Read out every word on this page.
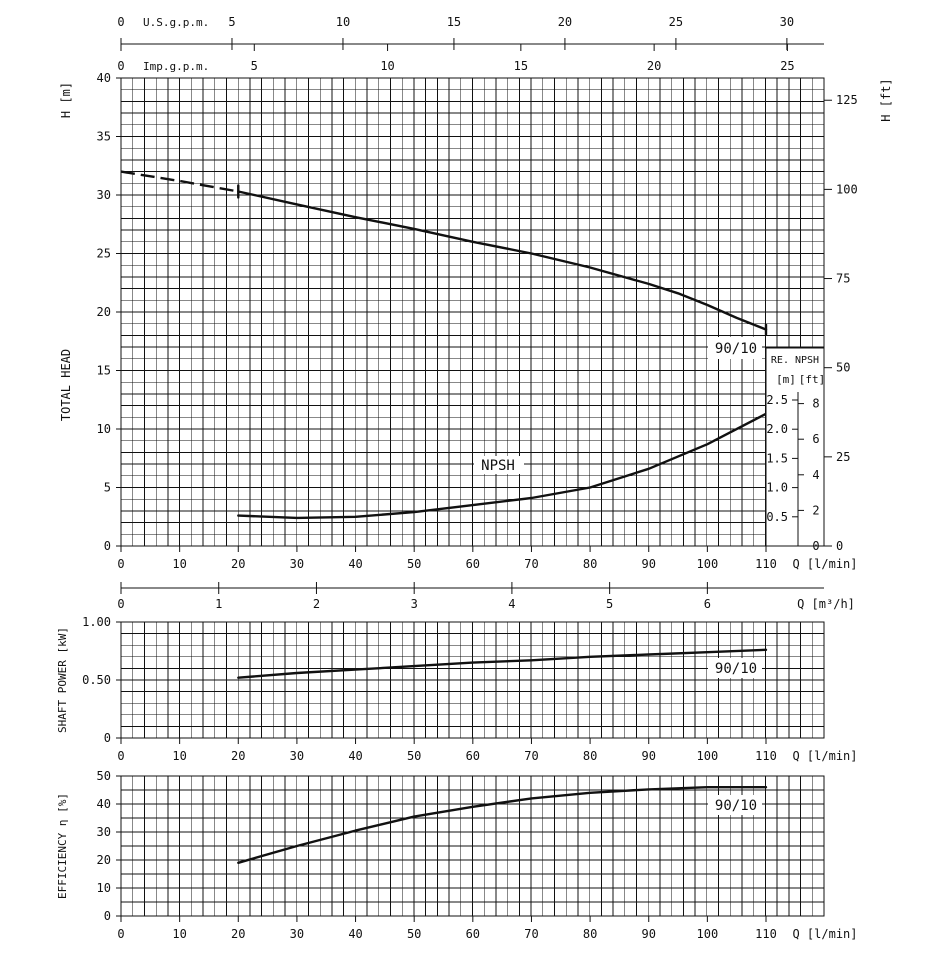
0
5
10
15
20
25
30
35
40
0
25
50
75
100
125
H [m]	H [ft]
TOTAL HEAD
0	5	10	15	20	25	30
U.S.g.p.m.
0	5	10	15	20	25
Imp.g.p.m.
90/10
NPSH
RE. NPSH
[m] [ft]
0.5
1.0
1.5
2.0
2.5
0
2
4
6
8
0	10	20	30	40	50	60	70	80	90	100	110 Q [l/min]
0	1	2	3	4	5	6	Q [m³/h]
0
0.50
1.00
SHAFT POWER [kW]	90/10
0	10	20	30	40	50	60	70	80	90	100	110 Q [l/min]
0
10
20
30
40
50
EFFICIENCY η [%]	90/10
0	10	20	30	40	50	60	70	80	90	100	110 Q [l/min]
